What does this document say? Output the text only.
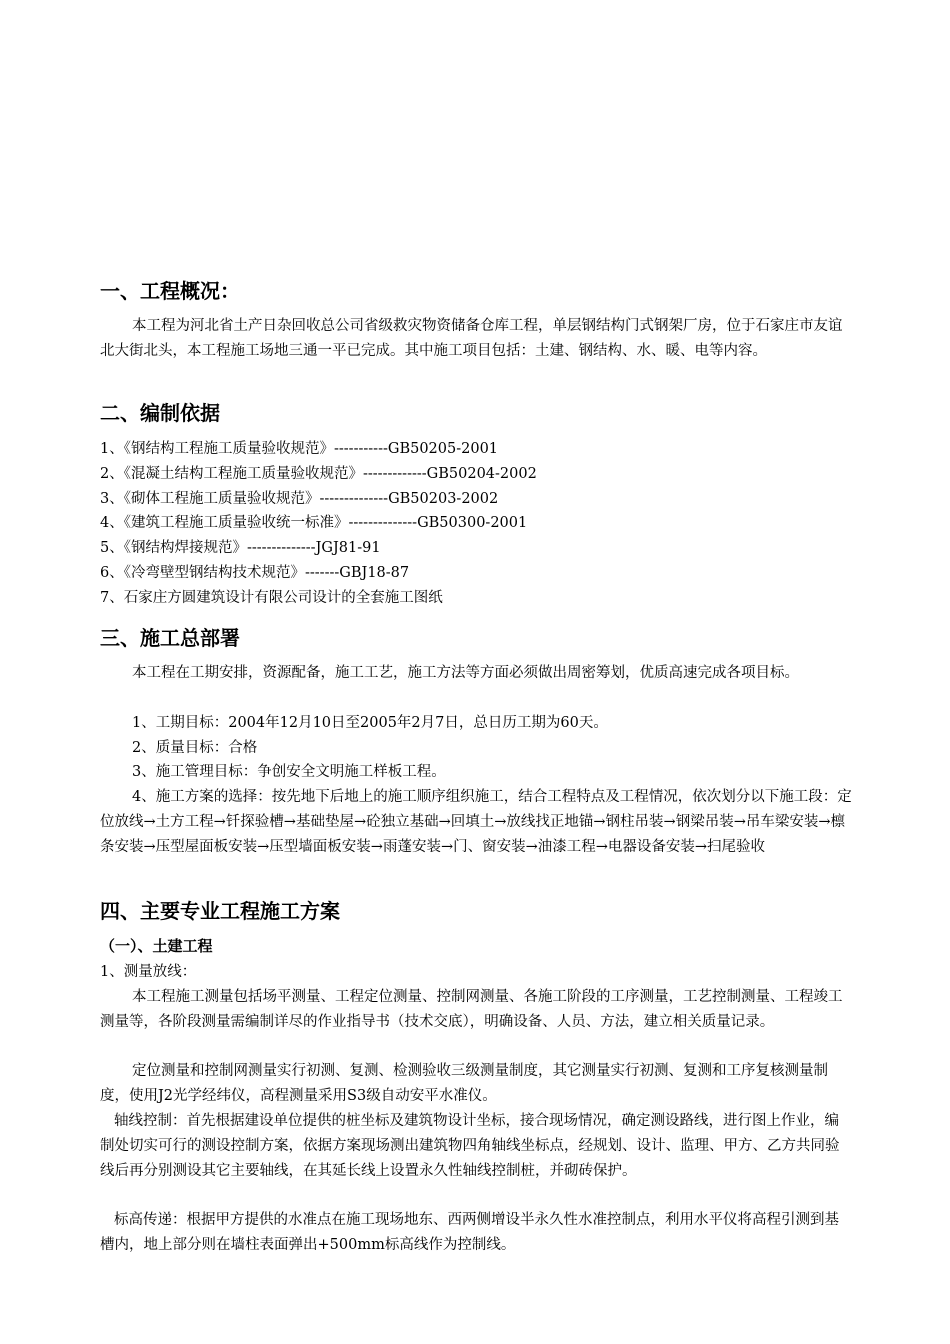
一、工程概况：
本工程为河北省土产日杂回收总公司省级救灾物资储备仓库工程，单层钢结构门式钢架厂房，位于石家庄市友谊北大街北头，本工程施工场地三通一平已完成。其中施工项目包括：土建、钢结构、水、暖、电等内容。
二、编制依据
1、《钢结构工程施工质量验收规范》-----------GB50205-2001
2、《混凝土结构工程施工质量验收规范》-------------GB50204-2002
3、《砌体工程施工质量验收规范》--------------GB50203-2002
4、《建筑工程施工质量验收统一标准》--------------GB50300-2001
5、《钢结构焊接规范》--------------JGJ81-91
6、《冷弯壁型钢结构技术规范》-------GBJ18-87
7、石家庄方圆建筑设计有限公司设计的全套施工图纸
三、施工总部署
本工程在工期安排，资源配备，施工工艺，施工方法等方面必须做出周密筹划，优质高速完成各项目标。
1、工期目标：2004年12月10日至2005年2月7日，总日历工期为60天。
2、质量目标：合格
3、施工管理目标：争创安全文明施工样板工程。
4、施工方案的选择：按先地下后地上的施工顺序组织施工，结合工程特点及工程情况，依次划分以下施工段：定位放线→土方工程→钎探验槽→基础垫屋→砼独立基础→回填土→放线找正地锚→钢柱吊装→钢梁吊装→吊车梁安装→檩条安装→压型屋面板安装→压型墙面板安装→雨蓬安装→门、窗安装→油漆工程→电器设备安装→扫尾验收
四、主要专业工程施工方案
（一）、土建工程
1、测量放线：
本工程施工测量包括场平测量、工程定位测量、控制网测量、各施工阶段的工序测量，工艺控制测量、工程竣工测量等，各阶段测量需编制详尽的作业指导书（技术交底），明确设备、人员、方法，建立相关质量记录。
定位测量和控制网测量实行初测、复测、检测验收三级测量制度，其它测量实行初测、复测和工序复核测量制度，使用J2光学经纬仪，高程测量采用S3级自动安平水准仪。
轴线控制：首先根据建设单位提供的桩坐标及建筑物设计坐标，接合现场情况，确定测设路线，进行图上作业，编制处切实可行的测设控制方案，依据方案现场测出建筑物四角轴线坐标点，经规划、设计、监理、甲方、乙方共同验线后再分别测设其它主要轴线，在其延长线上设置永久性轴线控制桩，并砌砖保护。
标高传递：根据甲方提供的水准点在施工现场地东、西两侧增设半永久性水准控制点，利用水平仪将高程引测到基槽内，地上部分则在墙柱表面弹出+500mm标高线作为控制线。
